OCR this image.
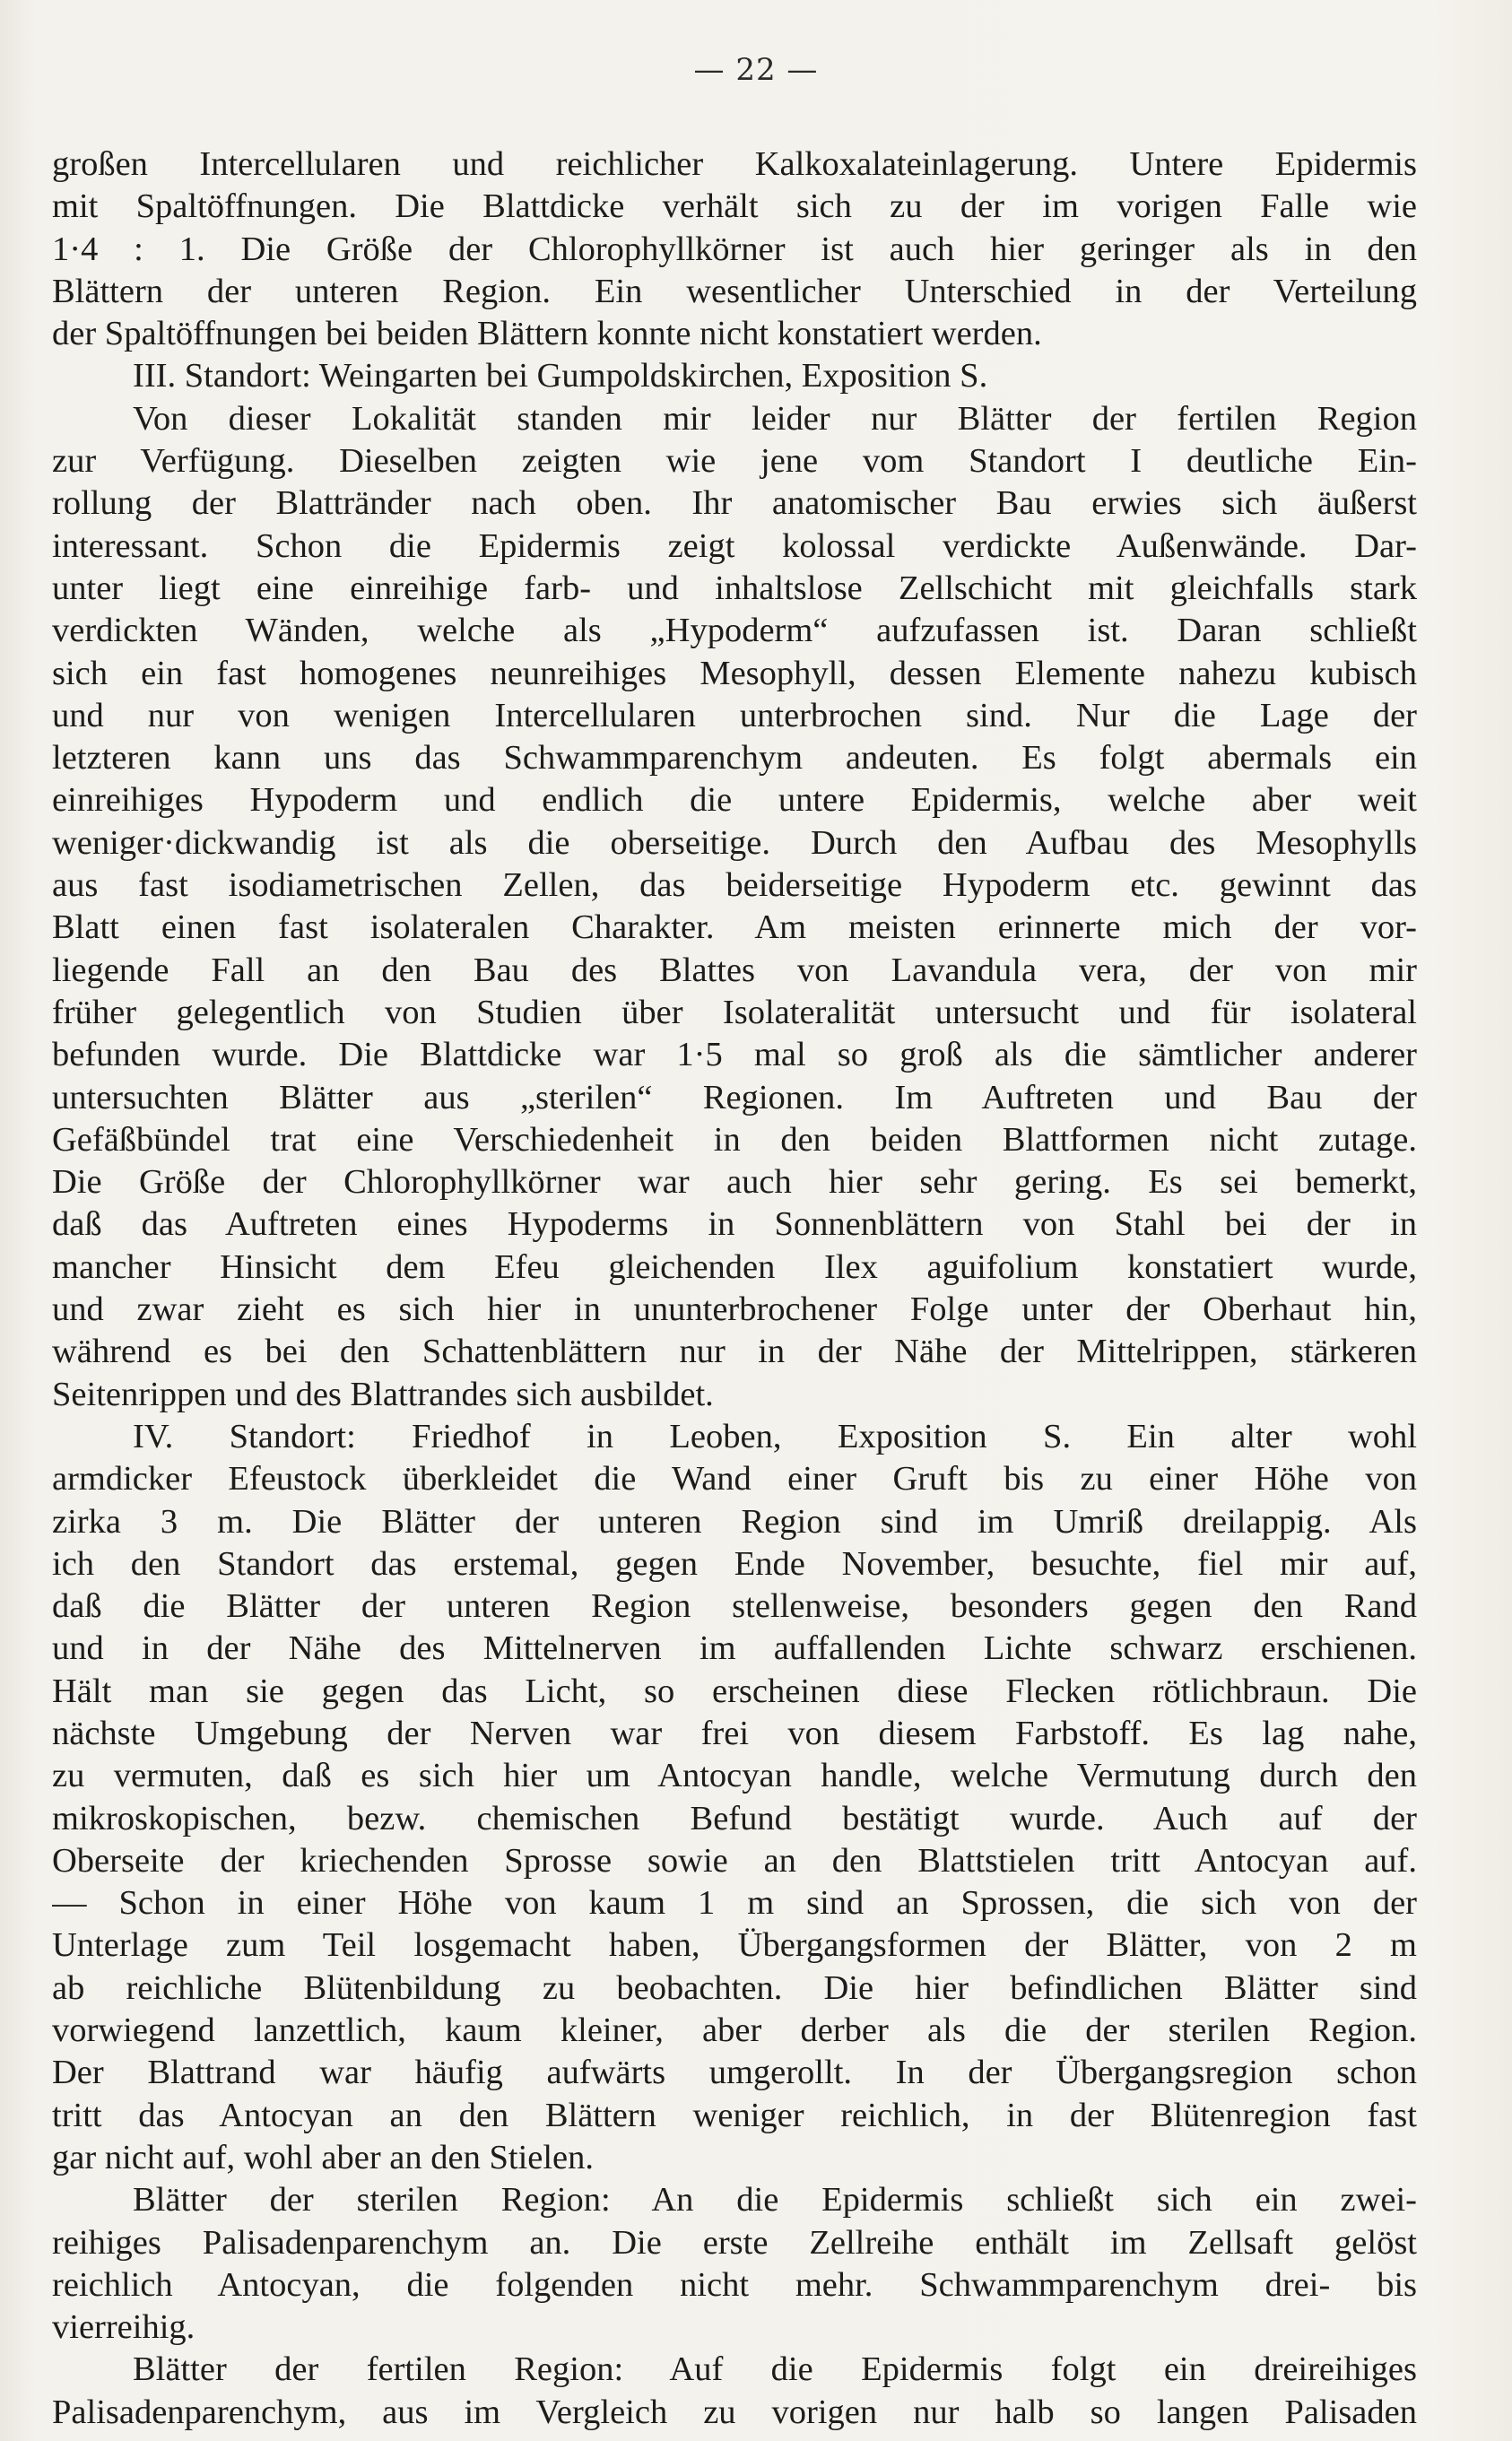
— 22 —
großen Intercellularen und reichlicher Kalkoxalateinlagerung. Untere Epidermis
mit Spaltöffnungen. Die Blattdicke verhält sich zu der im vorigen Falle wie
1·4 : 1. Die Größe der Chlorophyllkörner ist auch hier geringer als in den
Blättern der unteren Region. Ein wesentlicher Unterschied in der Verteilung
der Spaltöffnungen bei beiden Blättern konnte nicht konstatiert werden.
III. Standort: Weingarten bei Gumpoldskirchen, Exposition S.
Von dieser Lokalität standen mir leider nur Blätter der fertilen Region
zur Verfügung. Dieselben zeigten wie jene vom Standort I deutliche Ein-
rollung der Blattränder nach oben. Ihr anatomischer Bau erwies sich äußerst
interessant. Schon die Epidermis zeigt kolossal verdickte Außenwände. Dar-
unter liegt eine einreihige farb- und inhaltslose Zellschicht mit gleichfalls stark
verdickten Wänden, welche als „Hypoderm“ aufzufassen ist. Daran schließt
sich ein fast homogenes neunreihiges Mesophyll, dessen Elemente nahezu kubisch
und nur von wenigen Intercellularen unterbrochen sind. Nur die Lage der
letzteren kann uns das Schwammparenchym andeuten. Es folgt abermals ein
einreihiges Hypoderm und endlich die untere Epidermis, welche aber weit
weniger·dickwandig ist als die oberseitige. Durch den Aufbau des Mesophylls
aus fast isodiametrischen Zellen, das beiderseitige Hypoderm etc. gewinnt das
Blatt einen fast isolateralen Charakter. Am meisten erinnerte mich der vor-
liegende Fall an den Bau des Blattes von Lavandula vera, der von mir
früher gelegentlich von Studien über Isolateralität untersucht und für isolateral
befunden wurde. Die Blattdicke war 1·5 mal so groß als die sämtlicher anderer
untersuchten Blätter aus „sterilen“ Regionen. Im Auftreten und Bau der
Gefäßbündel trat eine Verschiedenheit in den beiden Blattformen nicht zutage.
Die Größe der Chlorophyllkörner war auch hier sehr gering. Es sei bemerkt,
daß das Auftreten eines Hypoderms in Sonnenblättern von Stahl bei der in
mancher Hinsicht dem Efeu gleichenden Ilex aguifolium konstatiert wurde,
und zwar zieht es sich hier in ununterbrochener Folge unter der Oberhaut hin,
während es bei den Schattenblättern nur in der Nähe der Mittelrippen, stärkeren
Seitenrippen und des Blattrandes sich ausbildet.
IV. Standort: Friedhof in Leoben, Exposition S. Ein alter wohl
armdicker Efeustock überkleidet die Wand einer Gruft bis zu einer Höhe von
zirka 3 m. Die Blätter der unteren Region sind im Umriß dreilappig. Als
ich den Standort das erstemal, gegen Ende November, besuchte, fiel mir auf,
daß die Blätter der unteren Region stellenweise, besonders gegen den Rand
und in der Nähe des Mittelnerven im auffallenden Lichte schwarz erschienen.
Hält man sie gegen das Licht, so erscheinen diese Flecken rötlichbraun. Die
nächste Umgebung der Nerven war frei von diesem Farbstoff. Es lag nahe,
zu vermuten, daß es sich hier um Antocyan handle, welche Vermutung durch den
mikroskopischen, bezw. chemischen Befund bestätigt wurde. Auch auf der
Oberseite der kriechenden Sprosse sowie an den Blattstielen tritt Antocyan auf.
— Schon in einer Höhe von kaum 1 m sind an Sprossen, die sich von der
Unterlage zum Teil losgemacht haben, Übergangsformen der Blätter, von 2 m
ab reichliche Blütenbildung zu beobachten. Die hier befindlichen Blätter sind
vorwiegend lanzettlich, kaum kleiner, aber derber als die der sterilen Region.
Der Blattrand war häufig aufwärts umgerollt. In der Übergangsregion schon
tritt das Antocyan an den Blättern weniger reichlich, in der Blütenregion fast
gar nicht auf, wohl aber an den Stielen.
Blätter der sterilen Region: An die Epidermis schließt sich ein zwei-
reihiges Palisadenparenchym an. Die erste Zellreihe enthält im Zellsaft gelöst
reichlich Antocyan, die folgenden nicht mehr. Schwammparenchym drei- bis
vierreihig.
Blätter der fertilen Region: Auf die Epidermis folgt ein dreireihiges
Palisadenparenchym, aus im Vergleich zu vorigen nur halb so langen Palisaden
